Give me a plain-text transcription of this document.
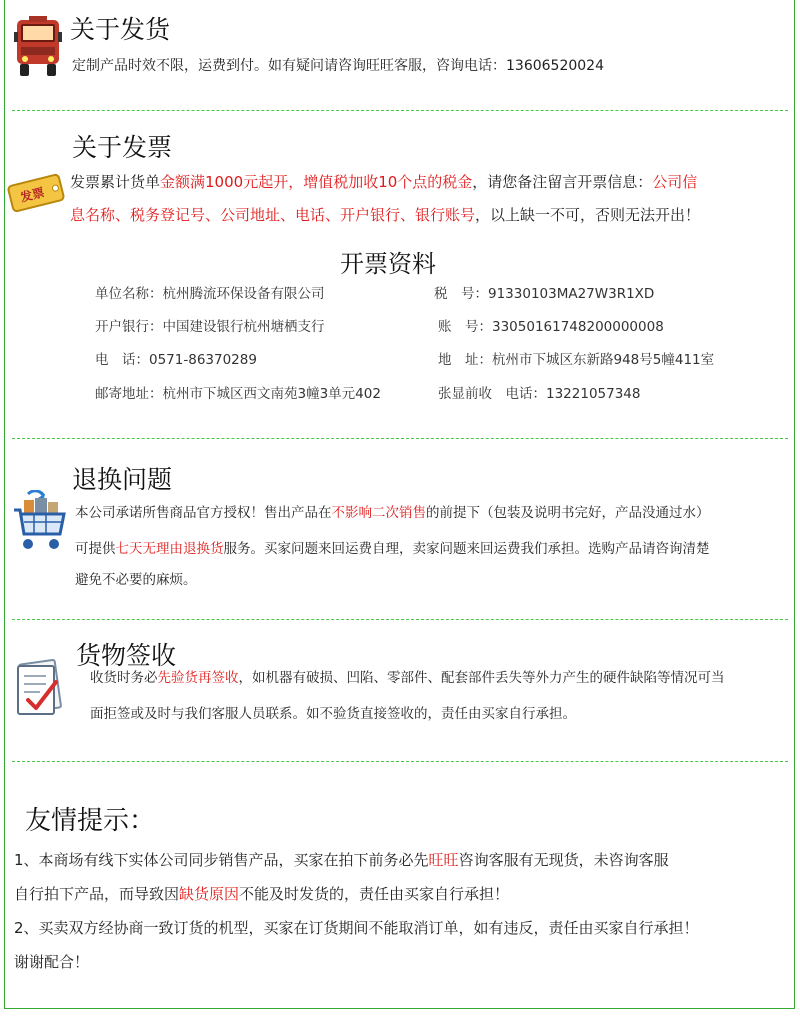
关于发货
定制产品时效不限，运费到付。如有疑问请咨询旺旺客服，咨询电话：13606520024
关于发票
发票
发票累计货单金额满1000元起开，增值税加收10个点的税金，请您备注留言开票信息：公司信
息名称、税务登记号、公司地址、电话、开户银行、银行账号，以上缺一不可，否则无法开出！
开票资料
单位名称：杭州腾流环保设备有限公司	税　号：91330103MA27W3R1XD
开户银行：中国建设银行杭州塘栖支行	账　号：33050161748200000008
电　话：0571-86370289	地　址：杭州市下城区东新路948号5幢411室
邮寄地址：杭州市下城区西文南苑3幢3单元402	张显前收　电话：13221057348
退换问题
本公司承诺所售商品官方授权！售出产品在不影响二次销售的前提下（包装及说明书完好，产品没通过水）
可提供七天无理由退换货服务。买家问题来回运费自理，卖家问题来回运费我们承担。选购产品请咨询清楚
避免不必要的麻烦。
货物签收
收货时务必先验货再签收，如机器有破损、凹陷、零部件、配套部件丢失等外力产生的硬件缺陷等情况可当
面拒签或及时与我们客服人员联系。如不验货直接签收的，责任由买家自行承担。
友情提示：
1、本商场有线下实体公司同步销售产品，买家在拍下前务必先旺旺咨询客服有无现货，未咨询客服
自行拍下产品，而导致因缺货原因不能及时发货的，责任由买家自行承担！
2、买卖双方经协商一致订货的机型，买家在订货期间不能取消订单，如有违反，责任由买家自行承担！
谢谢配合！
